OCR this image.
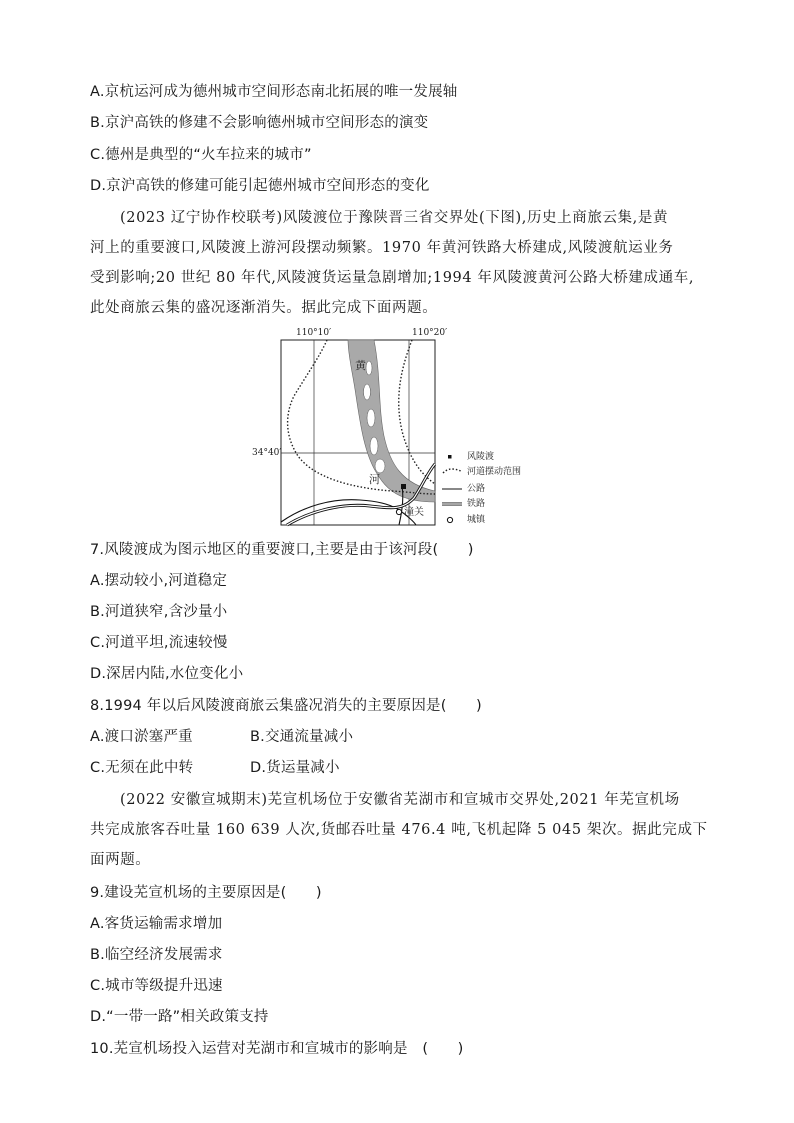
A.京杭运河成为德州城市空间形态南北拓展的唯一发展轴
B.京沪高铁的修建不会影响德州城市空间形态的演变
C.德州是典型的“火车拉来的城市”
D.京沪高铁的修建可能引起德州城市空间形态的变化
(2023 辽宁协作校联考)风陵渡位于豫陕晋三省交界处(下图),历史上商旅云集,是黄
河上的重要渡口,风陵渡上游河段摆动频繁。1970 年黄河铁路大桥建成,风陵渡航运业务
受到影响;20 世纪 80 年代,风陵渡货运量急剧增加;1994 年风陵渡黄河公路大桥建成通车,
此处商旅云集的盛况逐渐消失。据此完成下面两题。
110°10′	110°20′
34°40′
黄
河
潼关
风陵渡
河道摆动范围
公路
铁路
城镇
7.风陵渡成为图示地区的重要渡口,主要是由于该河段(　　)
A.摆动较小,河道稳定
B.河道狭窄,含沙量小
C.河道平坦,流速较慢
D.深居内陆,水位变化小
8.1994 年以后风陵渡商旅云集盛况消失的主要原因是(　　)
A.渡口淤塞严重	B.交通流量减小
C.无须在此中转	D.货运量减小
(2022 安徽宣城期末)芜宣机场位于安徽省芜湖市和宣城市交界处,2021 年芜宣机场
共完成旅客吞吐量 160 639 人次,货邮吞吐量 476.4 吨,飞机起降 5 045 架次。据此完成下
面两题。
9.建设芜宣机场的主要原因是(　　)
A.客货运输需求增加
B.临空经济发展需求
C.城市等级提升迅速
D.“一带一路”相关政策支持
10.芜宣机场投入运营对芜湖市和宣城市的影响是　(　　)
